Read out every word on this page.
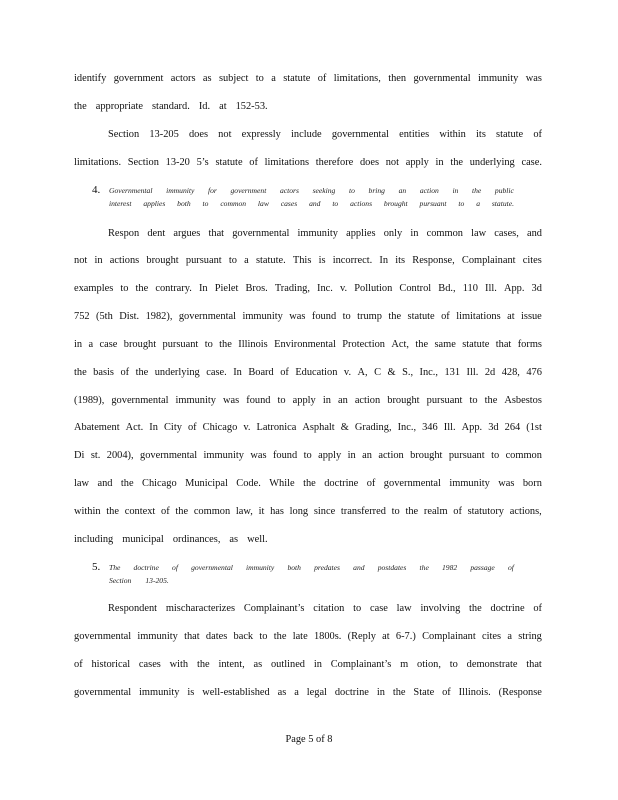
identify government actors as subject to a statute of limitations, then governmental immunity was
the appropriate standard. Id. at 152-53.
Section 13-205 does not expressly include governmental entities within its statute of
limitations. Section 13-20 5’s statute of limitations therefore does not apply in the underlying case.
4. Governmental immunity for government actors seeking to bring an action in the public
interest applies both to common law cases and to actions brought pursuant to a statute.
Respon dent argues that governmental immunity applies only in common law cases, and
not in actions brought pursuant to a statute. This is incorrect. In its Response, Complainant cites
examples to the contrary. In Pielet Bros. Trading, Inc. v. Pollution Control Bd., 110 Ill. App. 3d
752 (5th Dist. 1982), governmental immunity was found to trump the statute of limitations at issue
in a case brought pursuant to the Illinois Environmental Protection Act, the same statute that forms
the basis of the underlying case. In Board of Education v. A, C & S., Inc., 131 Ill. 2d 428, 476
(1989), governmental immunity was found to apply in an action brought pursuant to the Asbestos
Abatement Act. In City of Chicago v. Latronica Asphalt & Grading, Inc., 346 Ill. App. 3d 264 (1st
Di st. 2004), governmental immunity was found to apply in an action brought pursuant to common
law and the Chicago Municipal Code. While the doctrine of governmental immunity was born
within the context of the common law, it has long since transferred to the realm of statutory actions,
including municipal ordinances, as well.
5. The doctrine of governmental immunity both predates and postdates the 1982 passage of
Section 13-205.
Respondent mischaracterizes Complainant’s citation to case law involving the doctrine of
governmental immunity that dates back to the late 1800s. (Reply at 6-7.) Complainant cites a string
of historical cases with the intent, as outlined in Complainant’s m otion, to demonstrate that
governmental immunity is well-established as a legal doctrine in the State of Illinois. (Response
Page 5 of 8
